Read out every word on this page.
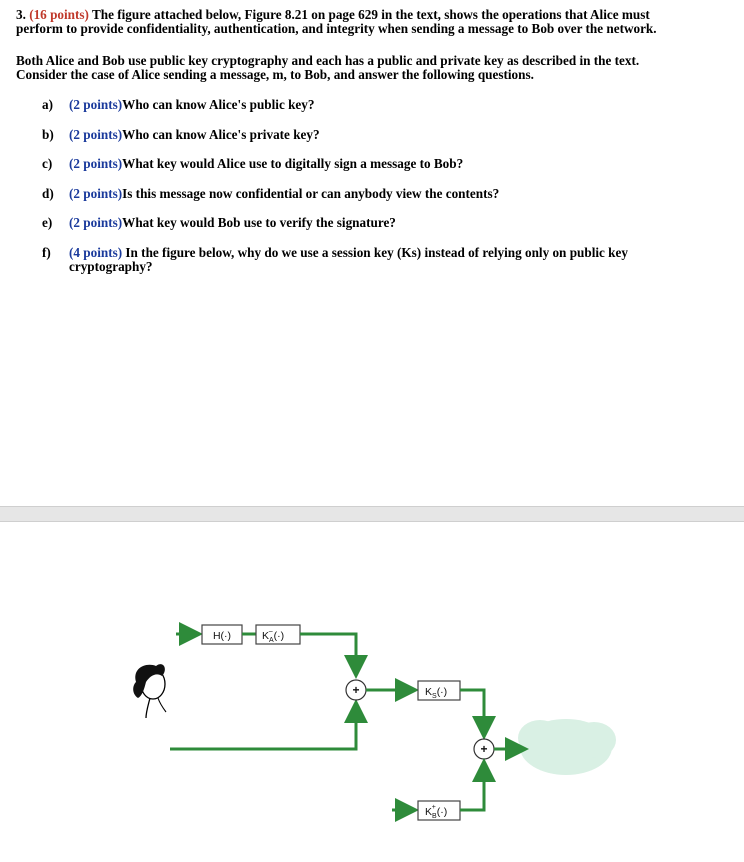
3. (16 points) The figure attached below, Figure 8.21 on page 629 in the text, shows the operations that Alice must
perform to provide confidentiality, authentication, and integrity when sending a message to Bob over the network.
Both Alice and Bob use public key cryptography and each has a public and private key as described in the text.
Consider the case of Alice sending a message, m, to Bob, and answer the following questions.
a)	(2 points)Who can know Alice's public key?
b)	(2 points)Who can know Alice's private key?
c)	(2 points)What key would Alice use to digitally sign a message to Bob?
d)	(2 points)Is this message now confidential or can anybody view the contents?
e)	(2 points)What key would Bob use to verify the signature?
f)	(4 points) In the figure below, why do we use a session key (Ks) instead of relying only on public key
cryptography?
H(·)	$K_A-(\cdot)$
+	$K_S(\cdot)$
+
$K_B+(\cdot)$
